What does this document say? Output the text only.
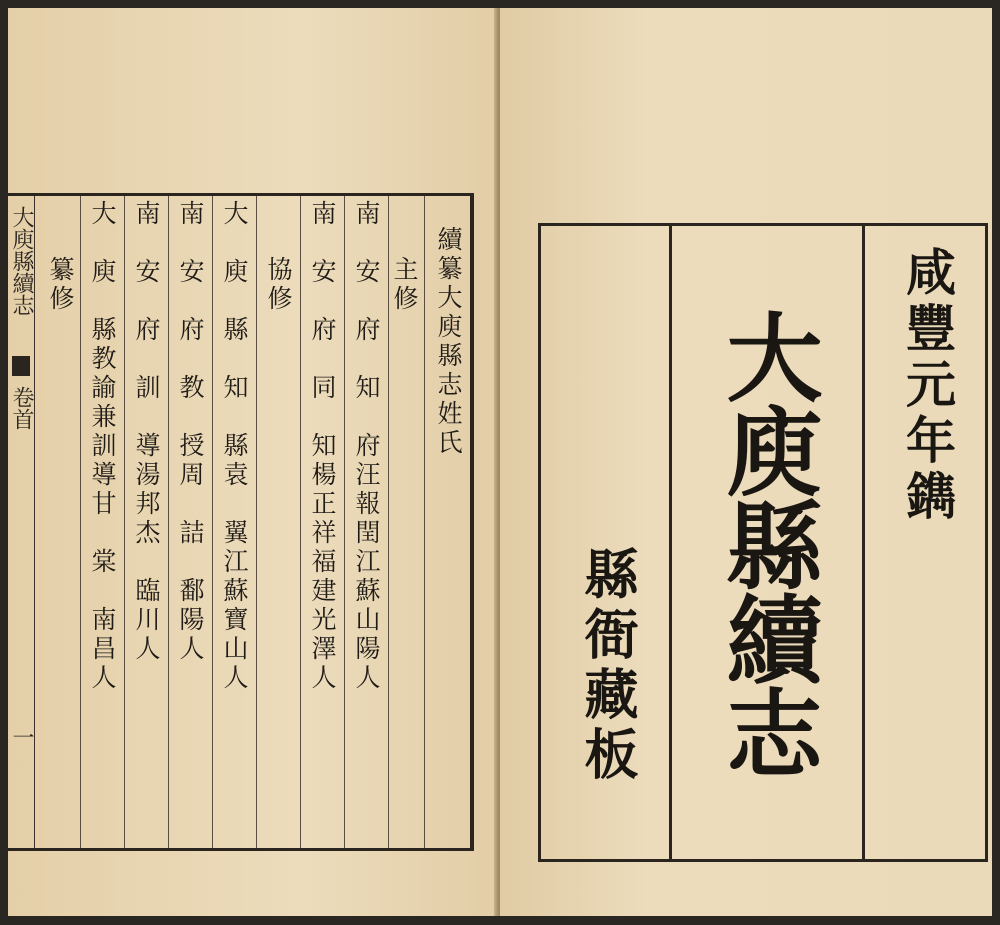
大庾縣續志
卷首
一
續纂大庾縣志姓氏
主修
南　安　府　知　府汪報閏江蘇山陽人
南　安　府　同　知楊正祥福建光澤人
協修
大　庾　縣　知　縣袁　翼江蘇寶山人
南　安　府　教　授周　詰　鄱陽人
南　安　府　訓　導湯邦杰　臨川人
大　庾　縣教諭兼訓導甘　棠　南昌人
纂修	咸豐元年鐫
大庾縣續志
縣衙藏板
